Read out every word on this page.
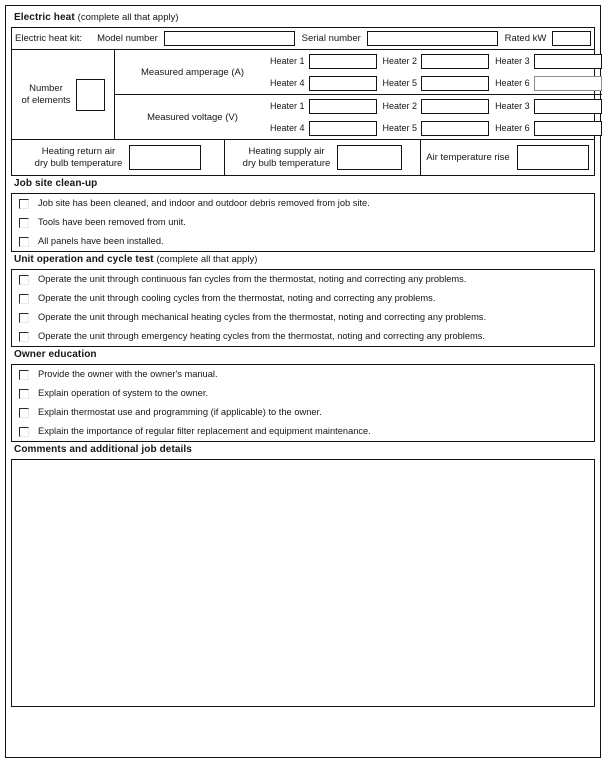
Electric heat (complete all that apply)
Electric heat kit: Model number	Serial number	Rated kW
Number
of elements
Measured amperage (A)
Heater 1	Heater 2	Heater 3
Heater 4	Heater 5	Heater 6
Measured voltage (V)
Heater 1	Heater 2	Heater 3
Heater 4	Heater 5	Heater 6
Heating return air
dry bulb temperature
Heating supply air
dry bulb temperature
Air temperature rise
Job site clean-up
Job site has been cleaned, and indoor and outdoor debris removed from job site.
Tools have been removed from unit.
All panels have been installed.
Unit operation and cycle test (complete all that apply)
Operate the unit through continuous fan cycles from the thermostat, noting and correcting any problems.
Operate the unit through cooling cycles from the thermostat, noting and correcting any problems.
Operate the unit through mechanical heating cycles from the thermostat, noting and correcting any problems.
Operate the unit through emergency heating cycles from the thermostat, noting and correcting any problems.
Owner education
Provide the owner with the owner's manual.
Explain operation of system to the owner.
Explain thermostat use and programming (if applicable) to the owner.
Explain the importance of regular filter replacement and equipment maintenance.
Comments and additional job details
